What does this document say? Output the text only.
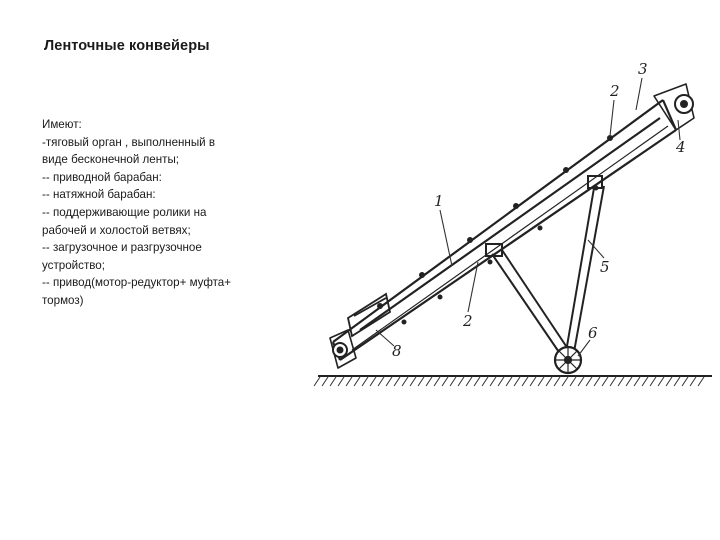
Ленточные конвейеры
Имеют:
-тяговый орган , выполненный в
виде бесконечной ленты;
-- приводной барабан:
-- натяжной барабан:
-- поддерживающие ролики на
рабочей и холостой ветвях;
-- загрузочное и разгрузочное
устройство;
-- привод(мотор-редуктор+ муфта+
тормоз)
1
2
3
2
4
5
6
8
